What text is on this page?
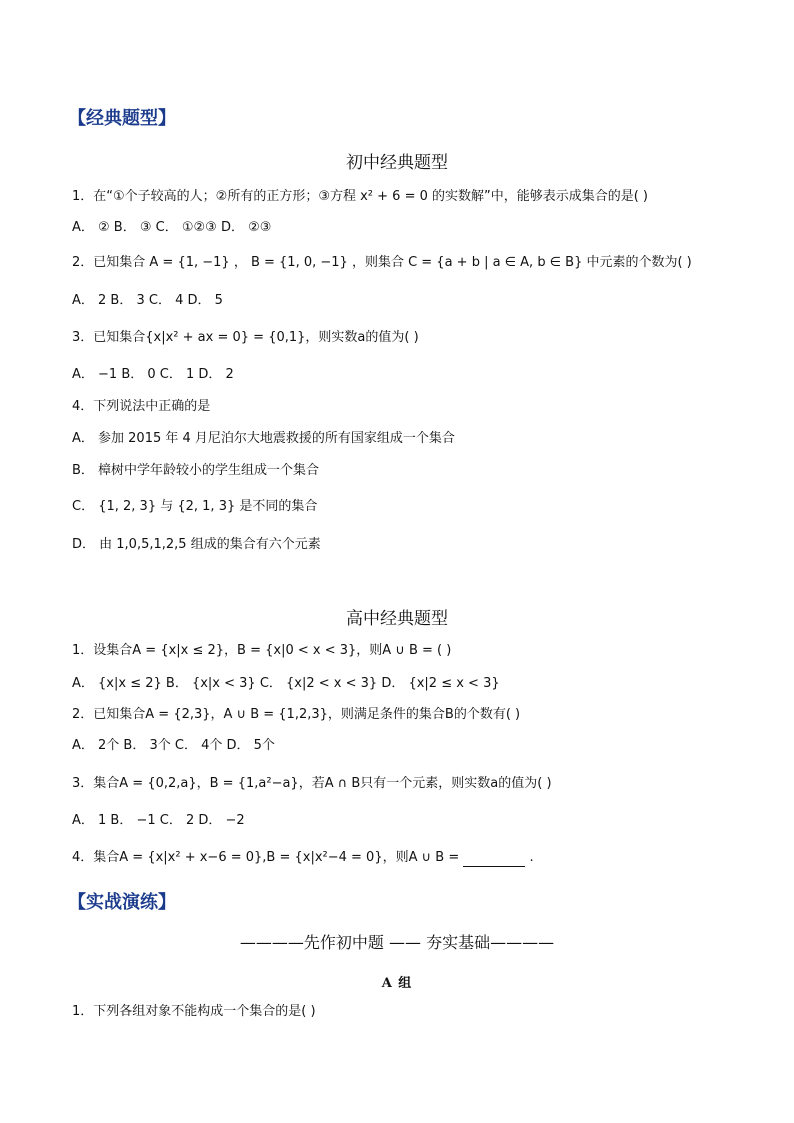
【经典题型】
初中经典题型
1．在“①个子较高的人；②所有的正方形；③方程 x² + 6 = 0 的实数解”中，能够表示成集合的是( )
A． ② B． ③ C． ①②③ D． ②③
2．已知集合 A = {1, −1} ， B = {1, 0, −1} ，则集合 C = {a + b | a ∈ A, b ∈ B} 中元素的个数为( )
A． 2 B． 3 C． 4 D． 5
3．已知集合{x|x² + ax = 0} = {0,1}，则实数a的值为( )
A． −1 B． 0 C． 1 D． 2
4．下列说法中正确的是
A． 参加 2015 年 4 月尼泊尔大地震救援的所有国家组成一个集合
B． 樟树中学年龄较小的学生组成一个集合
C． {1, 2, 3} 与 {2, 1, 3} 是不同的集合
D． 由 1,0,5,1,2,5 组成的集合有六个元素
高中经典题型
1．设集合A = {x|x ≤ 2}，B = {x|0 < x < 3}，则A ∪ B = ( )
A． {x|x ≤ 2} B． {x|x < 3} C． {x|2 < x < 3} D． {x|2 ≤ x < 3}
2．已知集合A = {2,3}，A ∪ B = {1,2,3}，则满足条件的集合B的个数有( )
A． 2个 B． 3个 C． 4个 D． 5个
3．集合A = {0,2,a}，B = {1,a²−a}，若A ∩ B只有一个元素，则实数a的值为( )
A． 1 B． −1 C． 2 D． −2
4．集合A = {x|x² + x−6 = 0},B = {x|x²−4 = 0}，则A ∪ B =	.
【实战演练】
————先作初中题 —— 夯实基础————
A 组
1．下列各组对象不能构成一个集合的是( )
